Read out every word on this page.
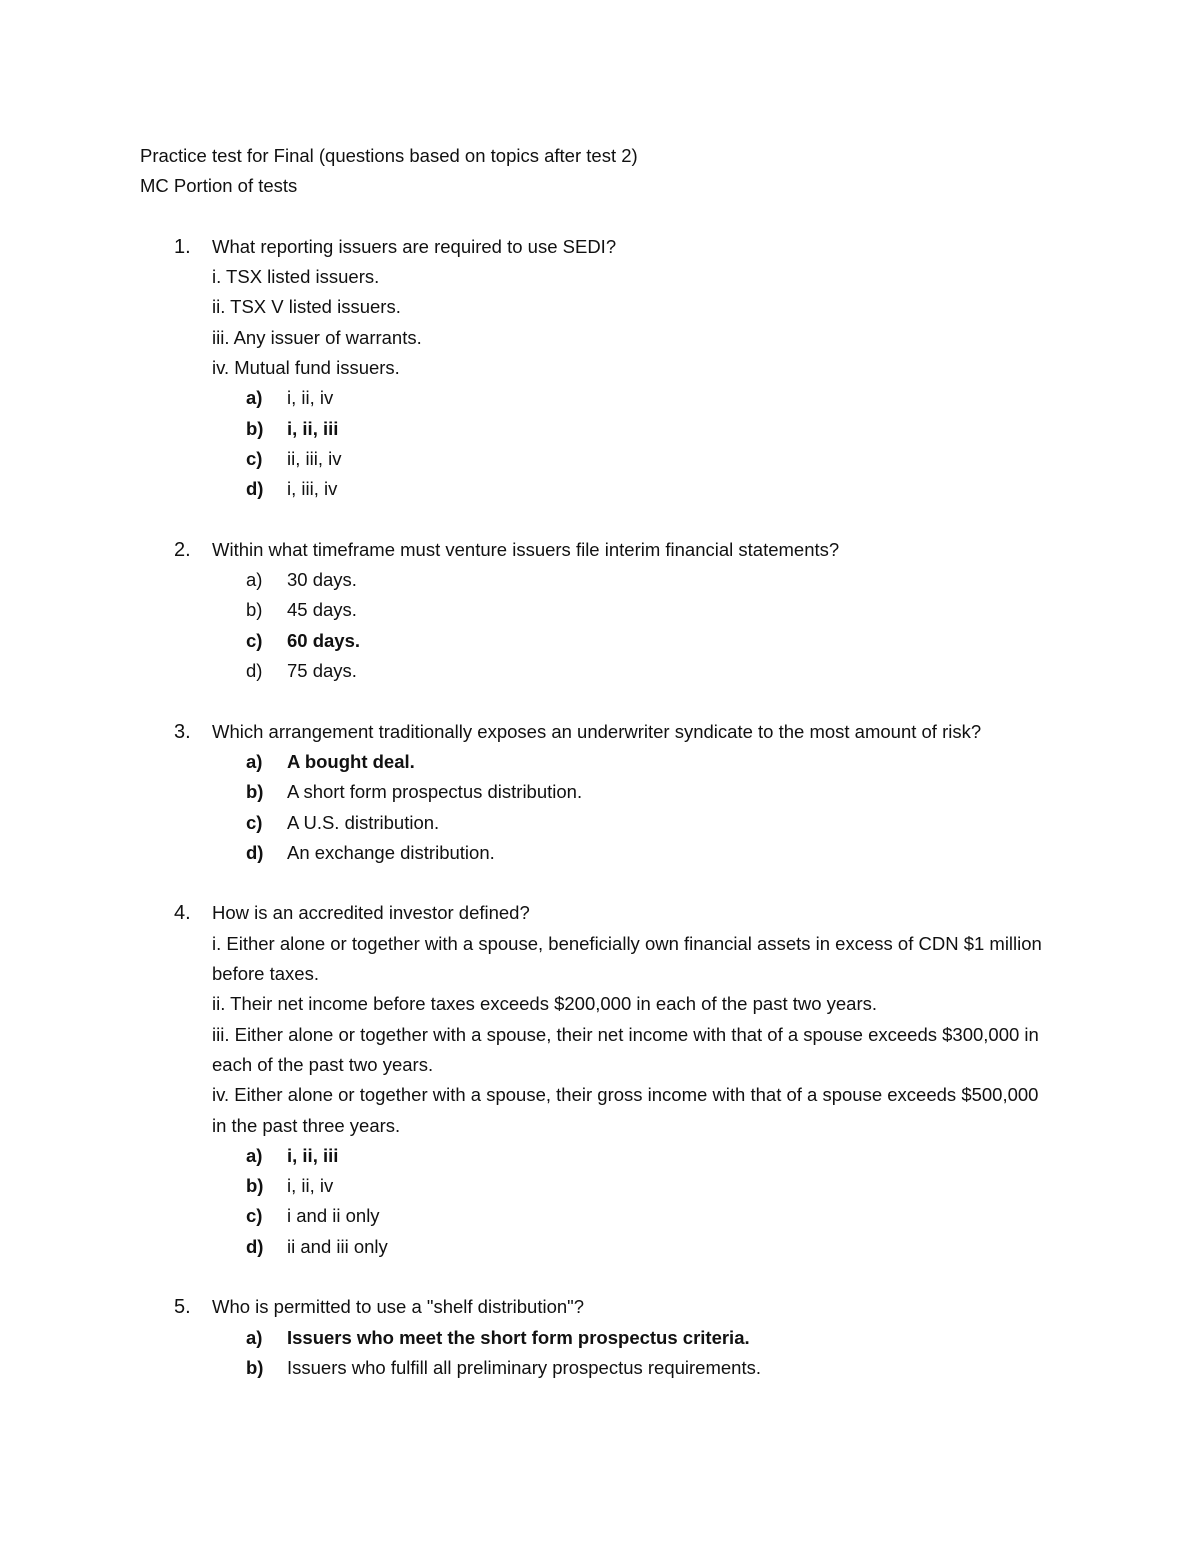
Practice test for Final (questions based on topics after test 2)
MC Portion of tests
1.	What reporting issuers are required to use SEDI?
i. TSX listed issuers.
ii. TSX V listed issuers.
iii. Any issuer of warrants.
iv. Mutual fund issuers.
a)	i, ii, iv
b)	i, ii, iii
c)	ii, iii, iv
d)	i, iii, iv
2.	Within what timeframe must venture issuers file interim financial statements?
a)	30 days.
b)	45 days.
c)	60 days.
d)	75 days.
3.	Which arrangement traditionally exposes an underwriter syndicate to the most amount of risk?
a)	A bought deal.
b)	A short form prospectus distribution.
c)	A U.S. distribution.
d)	An exchange distribution.
4.	How is an accredited investor defined?
i. Either alone or together with a spouse, beneficially own financial assets in excess of CDN $1 million before taxes.
ii. Their net income before taxes exceeds $200,000 in each of the past two years.
iii. Either alone or together with a spouse, their net income with that of a spouse exceeds $300,000 in each of the past two years.
iv. Either alone or together with a spouse, their gross income with that of a spouse exceeds $500,000 in the past three years.
a)	i, ii, iii
b)	i, ii, iv
c)	i and ii only
d)	ii and iii only
5.	Who is permitted to use a "shelf distribution"?
a)	Issuers who meet the short form prospectus criteria.
b)	Issuers who fulfill all preliminary prospectus requirements.
